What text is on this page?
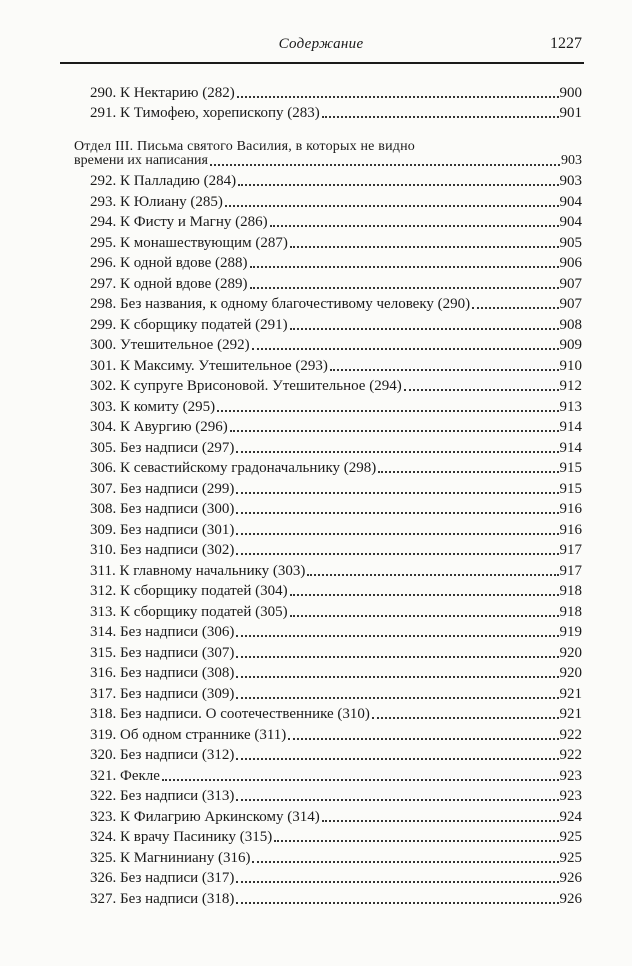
Содержание	1227
290. К Нектарию (282)	900
291. К Тимофею, хорепископу (283)	901
Отдел III. Письма святого Василия, в которых не видно
времени их написания	903
292. К Палладию (284)	903
293. К Юлиану (285)	904
294. К Фисту и Магну (286)	904
295. К монашествующим (287)	905
296. К одной вдове (288)	906
297. К одной вдове (289)	907
298. Без названия, к одному благочестивому человеку (290)	907
299. К сборщику податей (291)	908
300. Утешительное (292)	909
301. К Максиму. Утешительное (293)	910
302. К супруге Врисоновой. Утешительное (294)	912
303. К комиту (295)	913
304. К Авургию (296)	914
305. Без надписи (297)	914
306. К севастийскому градоначальнику (298)	915
307. Без надписи (299)	915
308. Без надписи (300)	916
309. Без надписи (301)	916
310. Без надписи (302)	917
311. К главному начальнику (303)	917
312. К сборщику податей (304)	918
313. К сборщику податей (305)	918
314. Без надписи (306)	919
315. Без надписи (307)	920
316. Без надписи (308)	920
317. Без надписи (309)	921
318. Без надписи. О соотечественнике (310)	921
319. Об одном страннике (311)	922
320. Без надписи (312)	922
321. Фекле	923
322. Без надписи (313)	923
323. К Филагрию Аркинскому (314)	924
324. К врачу Пасинику (315)	925
325. К Магниниану (316)	925
326. Без надписи (317)	926
327. Без надписи (318)	926
